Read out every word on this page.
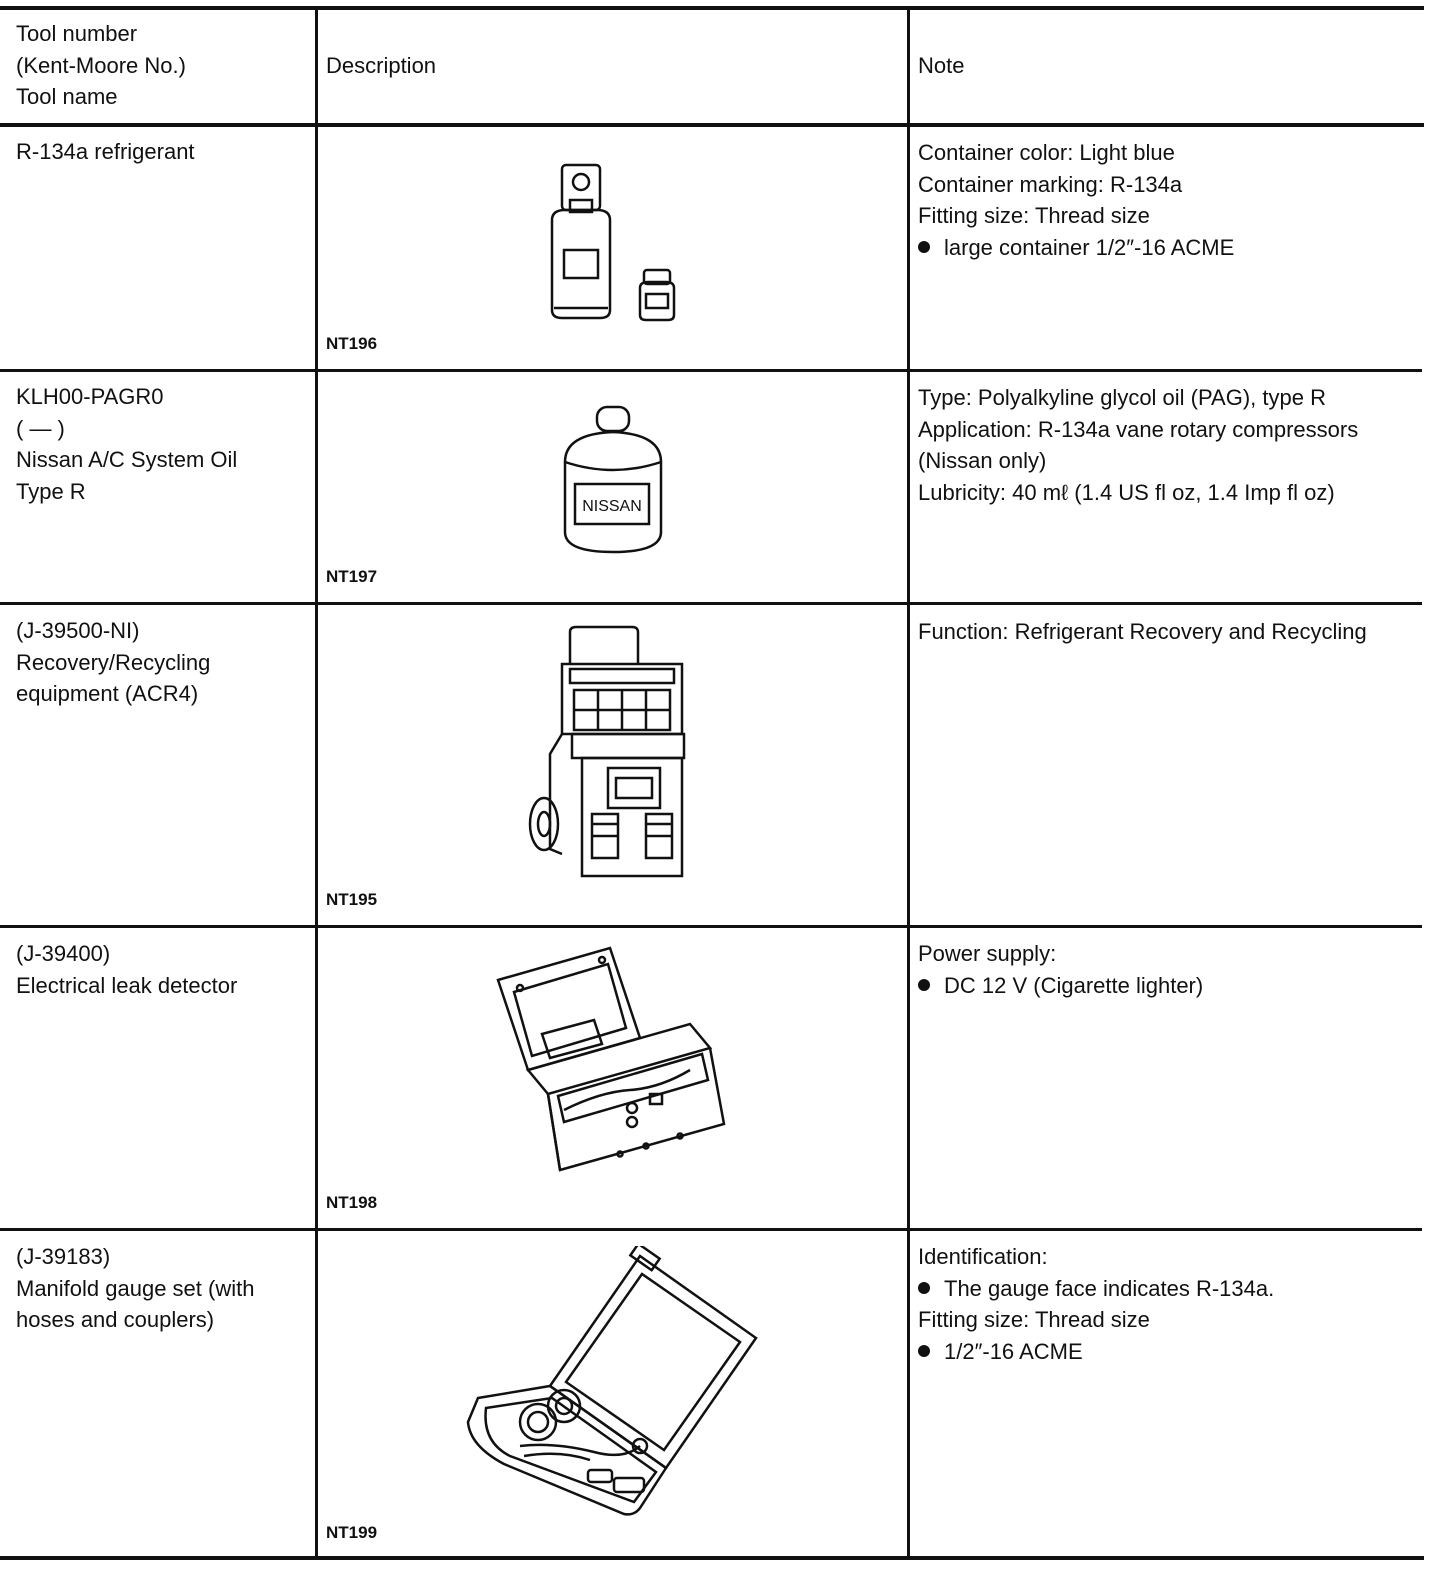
Tool number
(Kent-Moore No.)
Tool name
Description	Note
R-134a refrigerant
NT196
Container color: Light blue
Container marking: R-134a
Fitting size: Thread size
large container 1/2″-16 ACME
KLH00-PAGR0
( — )
Nissan A/C System Oil
Type R
NISSAN
NT197
Type: Polyalkyline glycol oil (PAG), type R
Application: R-134a vane rotary compressors
(Nissan only)
Lubricity: 40 mℓ (1.4 US fl oz, 1.4 Imp fl oz)
(J-39500-NI)
Recovery/Recycling
equipment (ACR4)
NT195
Function: Refrigerant Recovery and Recycling
(J-39400)
Electrical leak detector
NT198
Power supply:
DC 12 V (Cigarette lighter)
(J-39183)
Manifold gauge set (with
hoses and couplers)
NT199
Identification:
The gauge face indicates R-134a.
Fitting size: Thread size
1/2″-16 ACME
